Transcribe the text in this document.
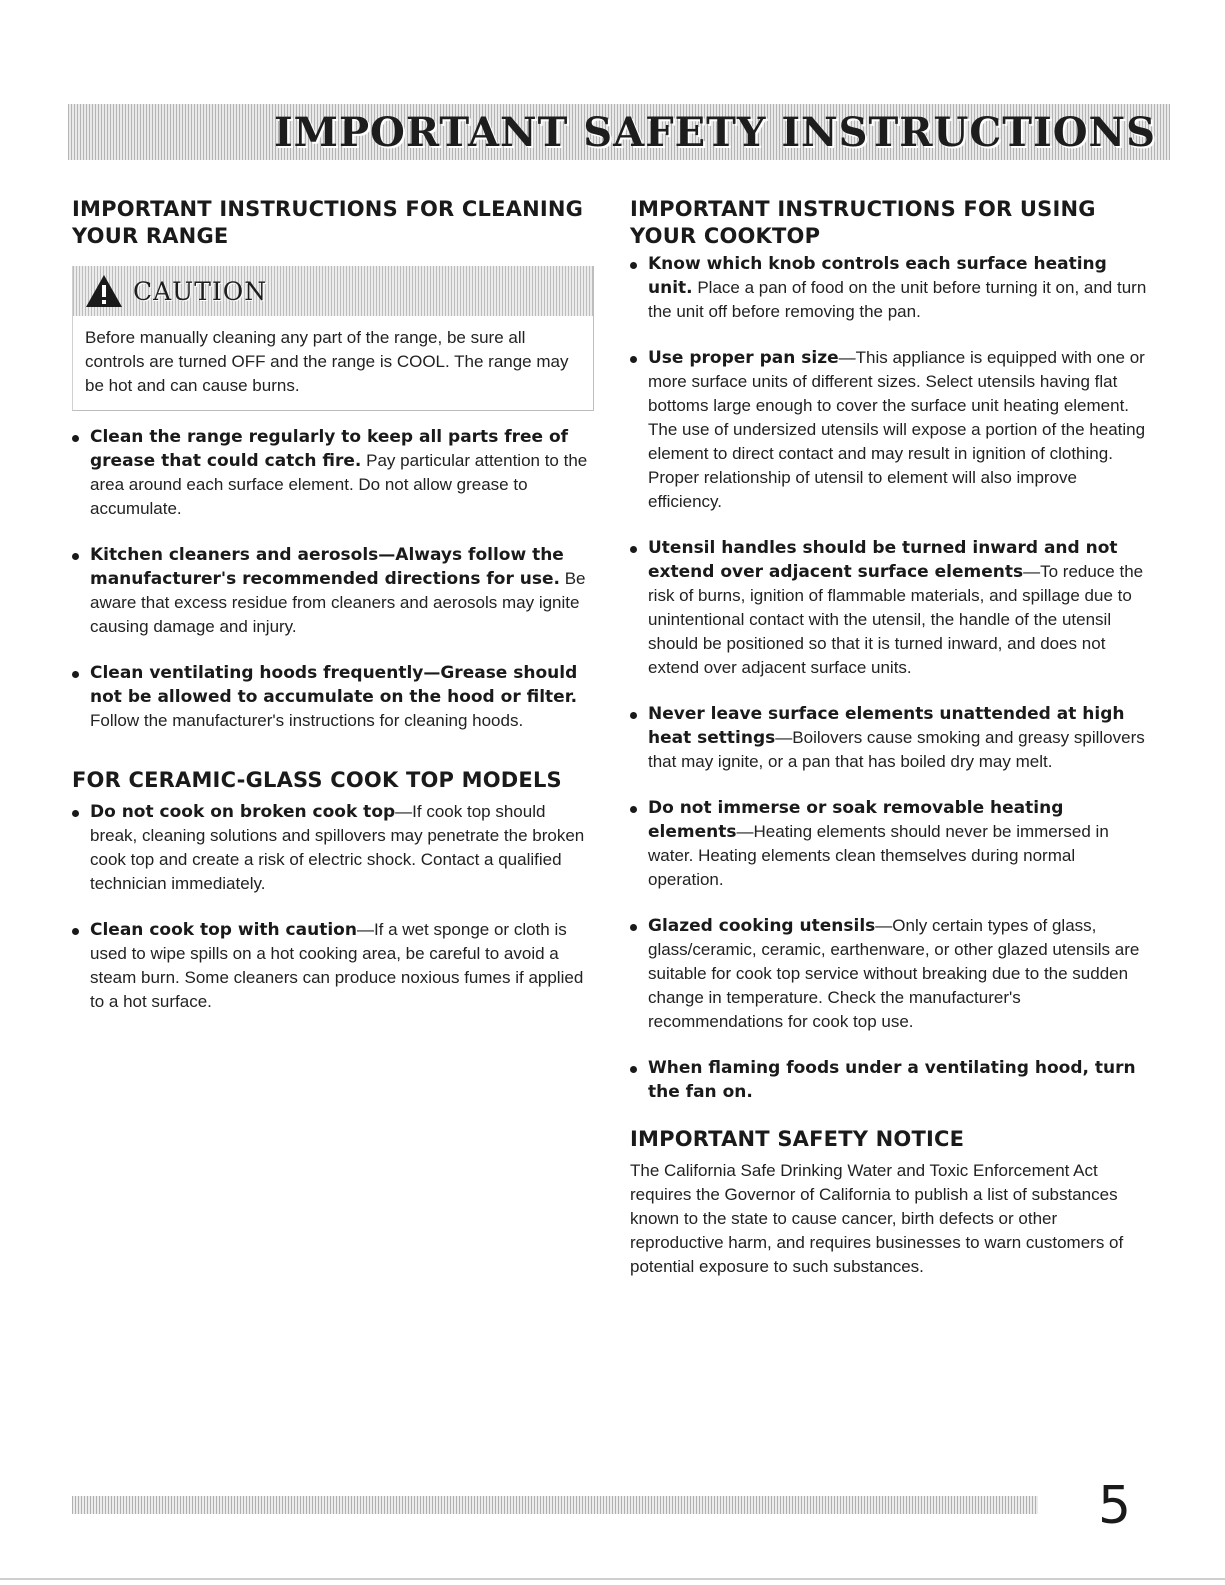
IMPORTANT SAFETY INSTRUCTIONS
IMPORTANT INSTRUCTIONS FOR CLEANING YOUR RANGE
CAUTION
Before manually cleaning any part of the range, be sure all controls are turned OFF and the range is COOL. The range may be hot and can cause burns.
Clean the range regularly to keep all parts free of grease that could catch fire. Pay particular attention to the area around each surface element. Do not allow grease to accumulate.
Kitchen cleaners and aerosols—Always follow the manufacturer's recommended directions for use. Be aware that excess residue from cleaners and aerosols may ignite causing damage and injury.
Clean ventilating hoods frequently—Grease should not be allowed to accumulate on the hood or filter. Follow the manufacturer's instructions for cleaning hoods.
FOR CERAMIC-GLASS COOK TOP MODELS
Do not cook on broken cook top—If cook top should break, cleaning solutions and spillovers may penetrate the broken cook top and create a risk of electric shock. Contact a qualified technician immediately.
Clean cook top with caution—If a wet sponge or cloth is used to wipe spills on a hot cooking area, be careful to avoid a steam burn. Some cleaners can produce noxious fumes if applied to a hot surface.
IMPORTANT INSTRUCTIONS FOR USING YOUR COOKTOP
Know which knob controls each surface heating unit. Place a pan of food on the unit before turning it on, and turn the unit off before removing the pan.
Use proper pan size—This appliance is equipped with one or more surface units of different sizes. Select utensils having flat bottoms large enough to cover the surface unit heating element. The use of undersized utensils will expose a portion of the heating element to direct contact and may result in ignition of clothing. Proper relationship of utensil to element will also improve efficiency.
Utensil handles should be turned inward and not extend over adjacent surface elements—To reduce the risk of burns, ignition of flammable materials, and spillage due to unintentional contact with the utensil, the handle of the utensil should be positioned so that it is turned inward, and does not extend over adjacent surface units.
Never leave surface elements unattended at high heat settings—Boilovers cause smoking and greasy spillovers that may ignite, or a pan that has boiled dry may melt.
Do not immerse or soak removable heating elements—Heating elements should never be immersed in water. Heating elements clean themselves during normal operation.
Glazed cooking utensils—Only certain types of glass, glass/ceramic, ceramic, earthenware, or other glazed utensils are suitable for cook top service without breaking due to the sudden change in temperature. Check the manufacturer's recommendations for cook top use.
When flaming foods under a ventilating hood, turn the fan on.
IMPORTANT SAFETY NOTICE

The California Safe Drinking Water and Toxic Enforcement Act requires the Governor of California to publish a list of substances known to the state to cause cancer, birth defects or other reproductive harm, and requires businesses to warn customers of potential exposure to such substances.

5
